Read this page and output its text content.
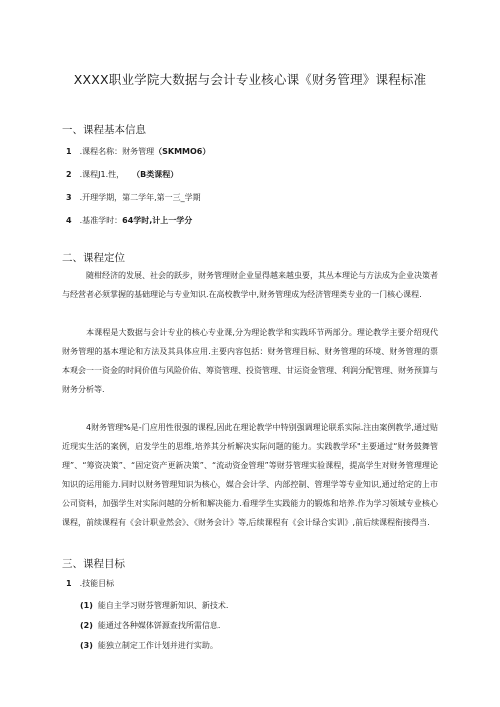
XXXX职业学院大数据与会计专业核心课《财务管理》课程标准
一、课程基本信息
1 .课程名称：财务管理（SKMMO6）
2 .课程J1.性， （B类课程）
3 .开理学期，第二学年,第一三_学期
4 .基准学时：64学时,计上一学分
二、课程定位
随柑经济的发展、社会的跃步，财务管理财企业显得越来越虫要，其丛本理论与方法成为企业决策者与经营者必须掌握的基础理论与专业知识.在高校教学中,财务管理成为经济管理类专业的一门核心课程.
本课程是大数据与会计专业的核心专业课,分为理论教学和实践环节两部分。理论教学主要介绍现代财务管理的基本理论和方法及其具体应用.主要内容包括：财务管理目标、财务管理的环境、财务管理的票本观会一一资金的时间价值与风险价佑、筹资管理、投资管理、甘运资金管理、利润分配管理、财务预算与财务分析等.
4财务管理%是-门应用性很强的课程,因此在理论教学中特别强调理论联系实际.注由案例教学,通过贴近现实生活的案例，启发学生的思维,培养其分析解决实际问题的能力。实践教学环"主要通过“财务鼓舞管理”、“筹资决策”、“固定资产更新决策”、“流动资金管理”等财芬管理实验课程，提高学生对财务管理理论知识的运用能力.同时以财务管理知识为核心，媒合会计学、内部控制、管理学等专业知识,通过给定的上市公司资料，加强学生对实际问越的分析和解决能力.看理学生实践能力的锻炼和培养.作为学习领域专业核心课程，前续课程有《会计职业然会》、《财务会计》等,后续课程有《会计绿合实训》,前后续课程衔接得当.
三、课程目标
1 .技能目标
(1) 能自主学习财芬管理新知识、新技术.
(2) 能通过各种媒体饼源查找所需信息.
(3) 能独立制定工作计划并进行实助。
